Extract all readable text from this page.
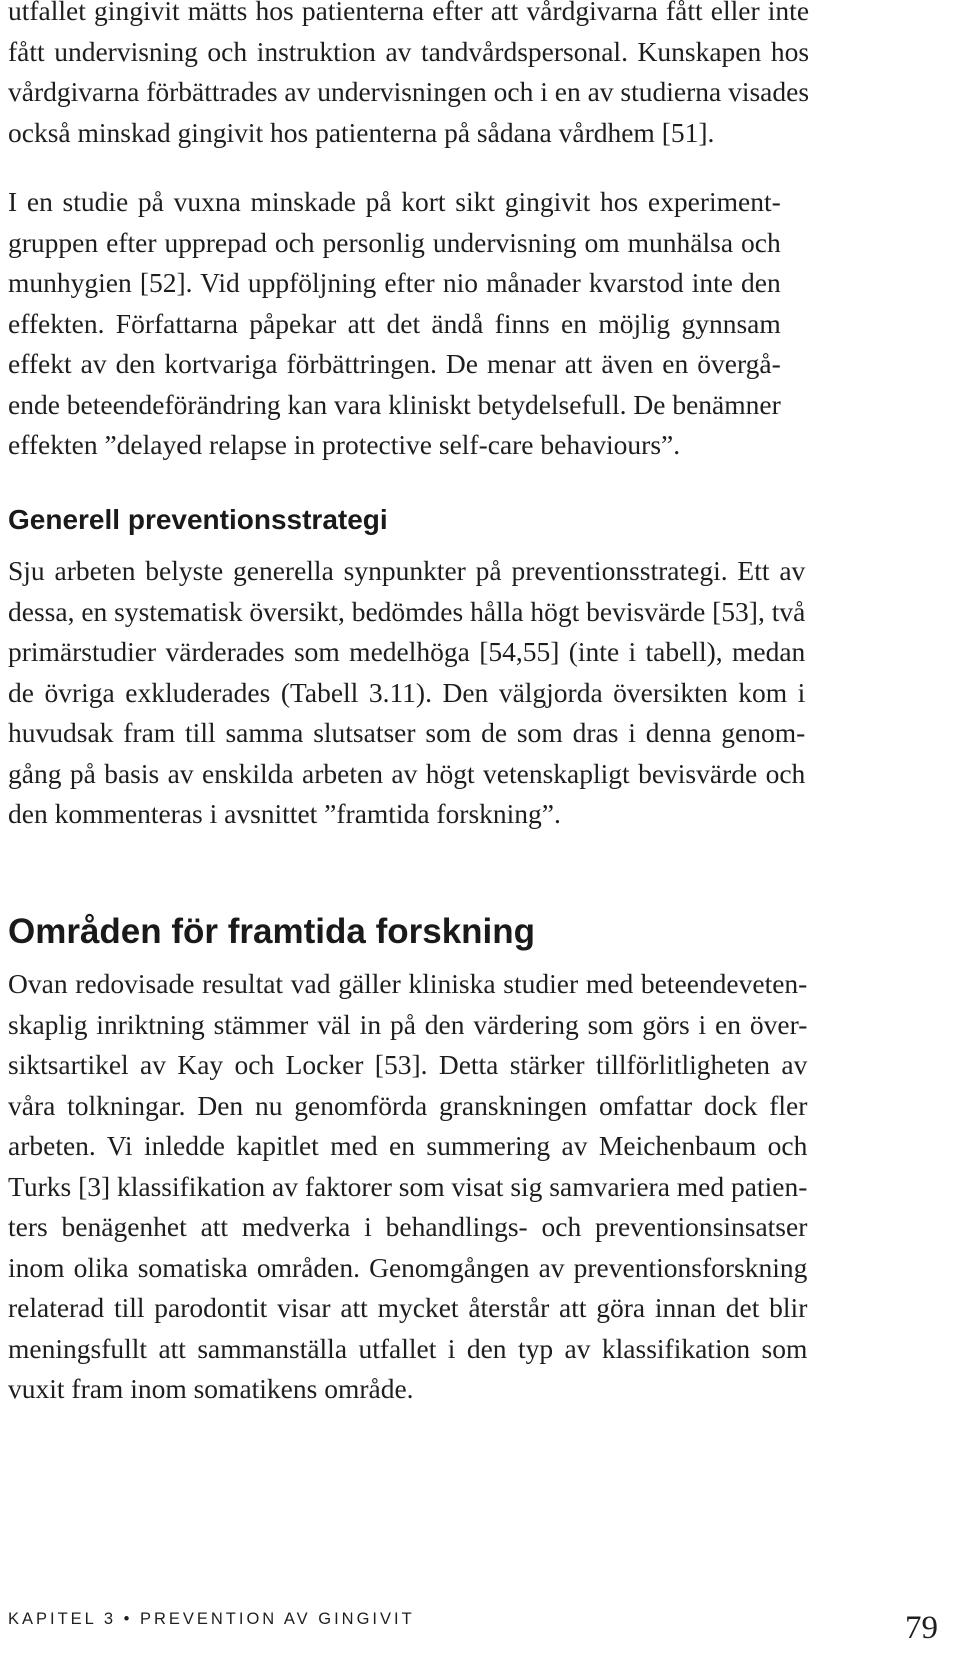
utfallet gingivit mätts hos patienterna efter att vårdgivarna fått eller inte
fått undervisning och instruktion av tandvårdspersonal. Kunskapen hos
vårdgivarna förbättrades av undervisningen och i en av studierna visades
också minskad gingivit hos patienterna på sådana vårdhem [51].
I en studie på vuxna minskade på kort sikt gingivit hos experiment-
gruppen efter upprepad och personlig undervisning om munhälsa och
munhygien [52]. Vid uppföljning efter nio månader kvarstod inte den
effekten. Författarna påpekar att det ändå finns en möjlig gynnsam
effekt av den kortvariga förbättringen. De menar att även en övergå-
ende beteendeförändring kan vara kliniskt betydelsefull. De benämner
effekten ”delayed relapse in protective self-care behaviours”.
Generell preventionsstrategi
Sju arbeten belyste generella synpunkter på preventionsstrategi. Ett av
dessa, en systematisk översikt, bedömdes hålla högt bevisvärde [53], två
primärstudier värderades som medelhöga [54,55] (inte i tabell), medan
de övriga exkluderades (Tabell 3.11). Den välgjorda översikten kom i
huvudsak fram till samma slutsatser som de som dras i denna genom-
gång på basis av enskilda arbeten av högt vetenskapligt bevisvärde och
den kommenteras i avsnittet ”framtida forskning”.
Områden för framtida forskning
Ovan redovisade resultat vad gäller kliniska studier med beteendeveten-
skaplig inriktning stämmer väl in på den värdering som görs i en över-
siktsartikel av Kay och Locker [53]. Detta stärker tillförlitligheten av
våra tolkningar. Den nu genomförda granskningen omfattar dock fler
arbeten. Vi inledde kapitlet med en summering av Meichenbaum och
Turks [3] klassifikation av faktorer som visat sig samvariera med patien-
ters benägenhet att medverka i behandlings- och preventionsinsatser
inom olika somatiska områden. Genomgången av preventionsforskning
relaterad till parodontit visar att mycket återstår att göra innan det blir
meningsfullt att sammanställa utfallet i den typ av klassifikation som
vuxit fram inom somatikens område.
KAPITEL 3 • PREVENTION AV GINGIVIT	79
